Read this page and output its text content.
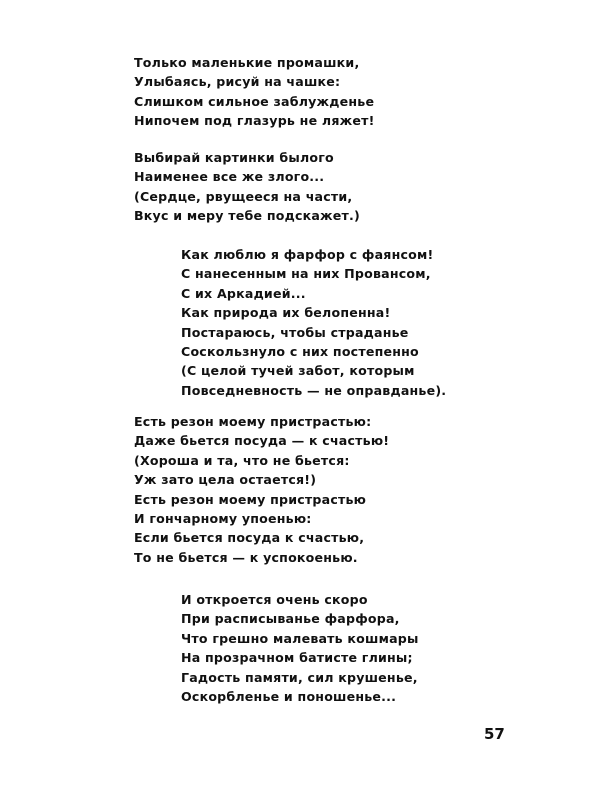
Только маленькие промашки,
Улыбаясь, рисуй на чашке:
Слишком сильное заблужденье
Нипочем под глазурь не ляжет!
Выбирай картинки былого
Наименее все же злого...
(Сердце, рвущееся на части,
Вкус и меру тебе подскажет.)
Как люблю я фарфор с фаянсом!
С нанесенным на них Провансом,
С их Аркадией...
Как природа их белопенна!
Постараюсь, чтобы страданье
Соскользнуло с них постепенно
(С целой тучей забот, которым
Повседневность — не оправданье).
Есть резон моему пристрастью:
Даже бьется посуда — к счастью!
(Хороша и та, что не бьется:
Уж зато цела остается!)
Есть резон моему пристрастью
И гончарному упоенью:
Если бьется посуда к счастью,
То не бьется — к успокоенью.
И откроется очень скоро
При расписыванье фарфора,
Что грешно малевать кошмары
На прозрачном батисте глины;
Гадость памяти, сил крушенье,
Оскорбленье и поношенье...
57
